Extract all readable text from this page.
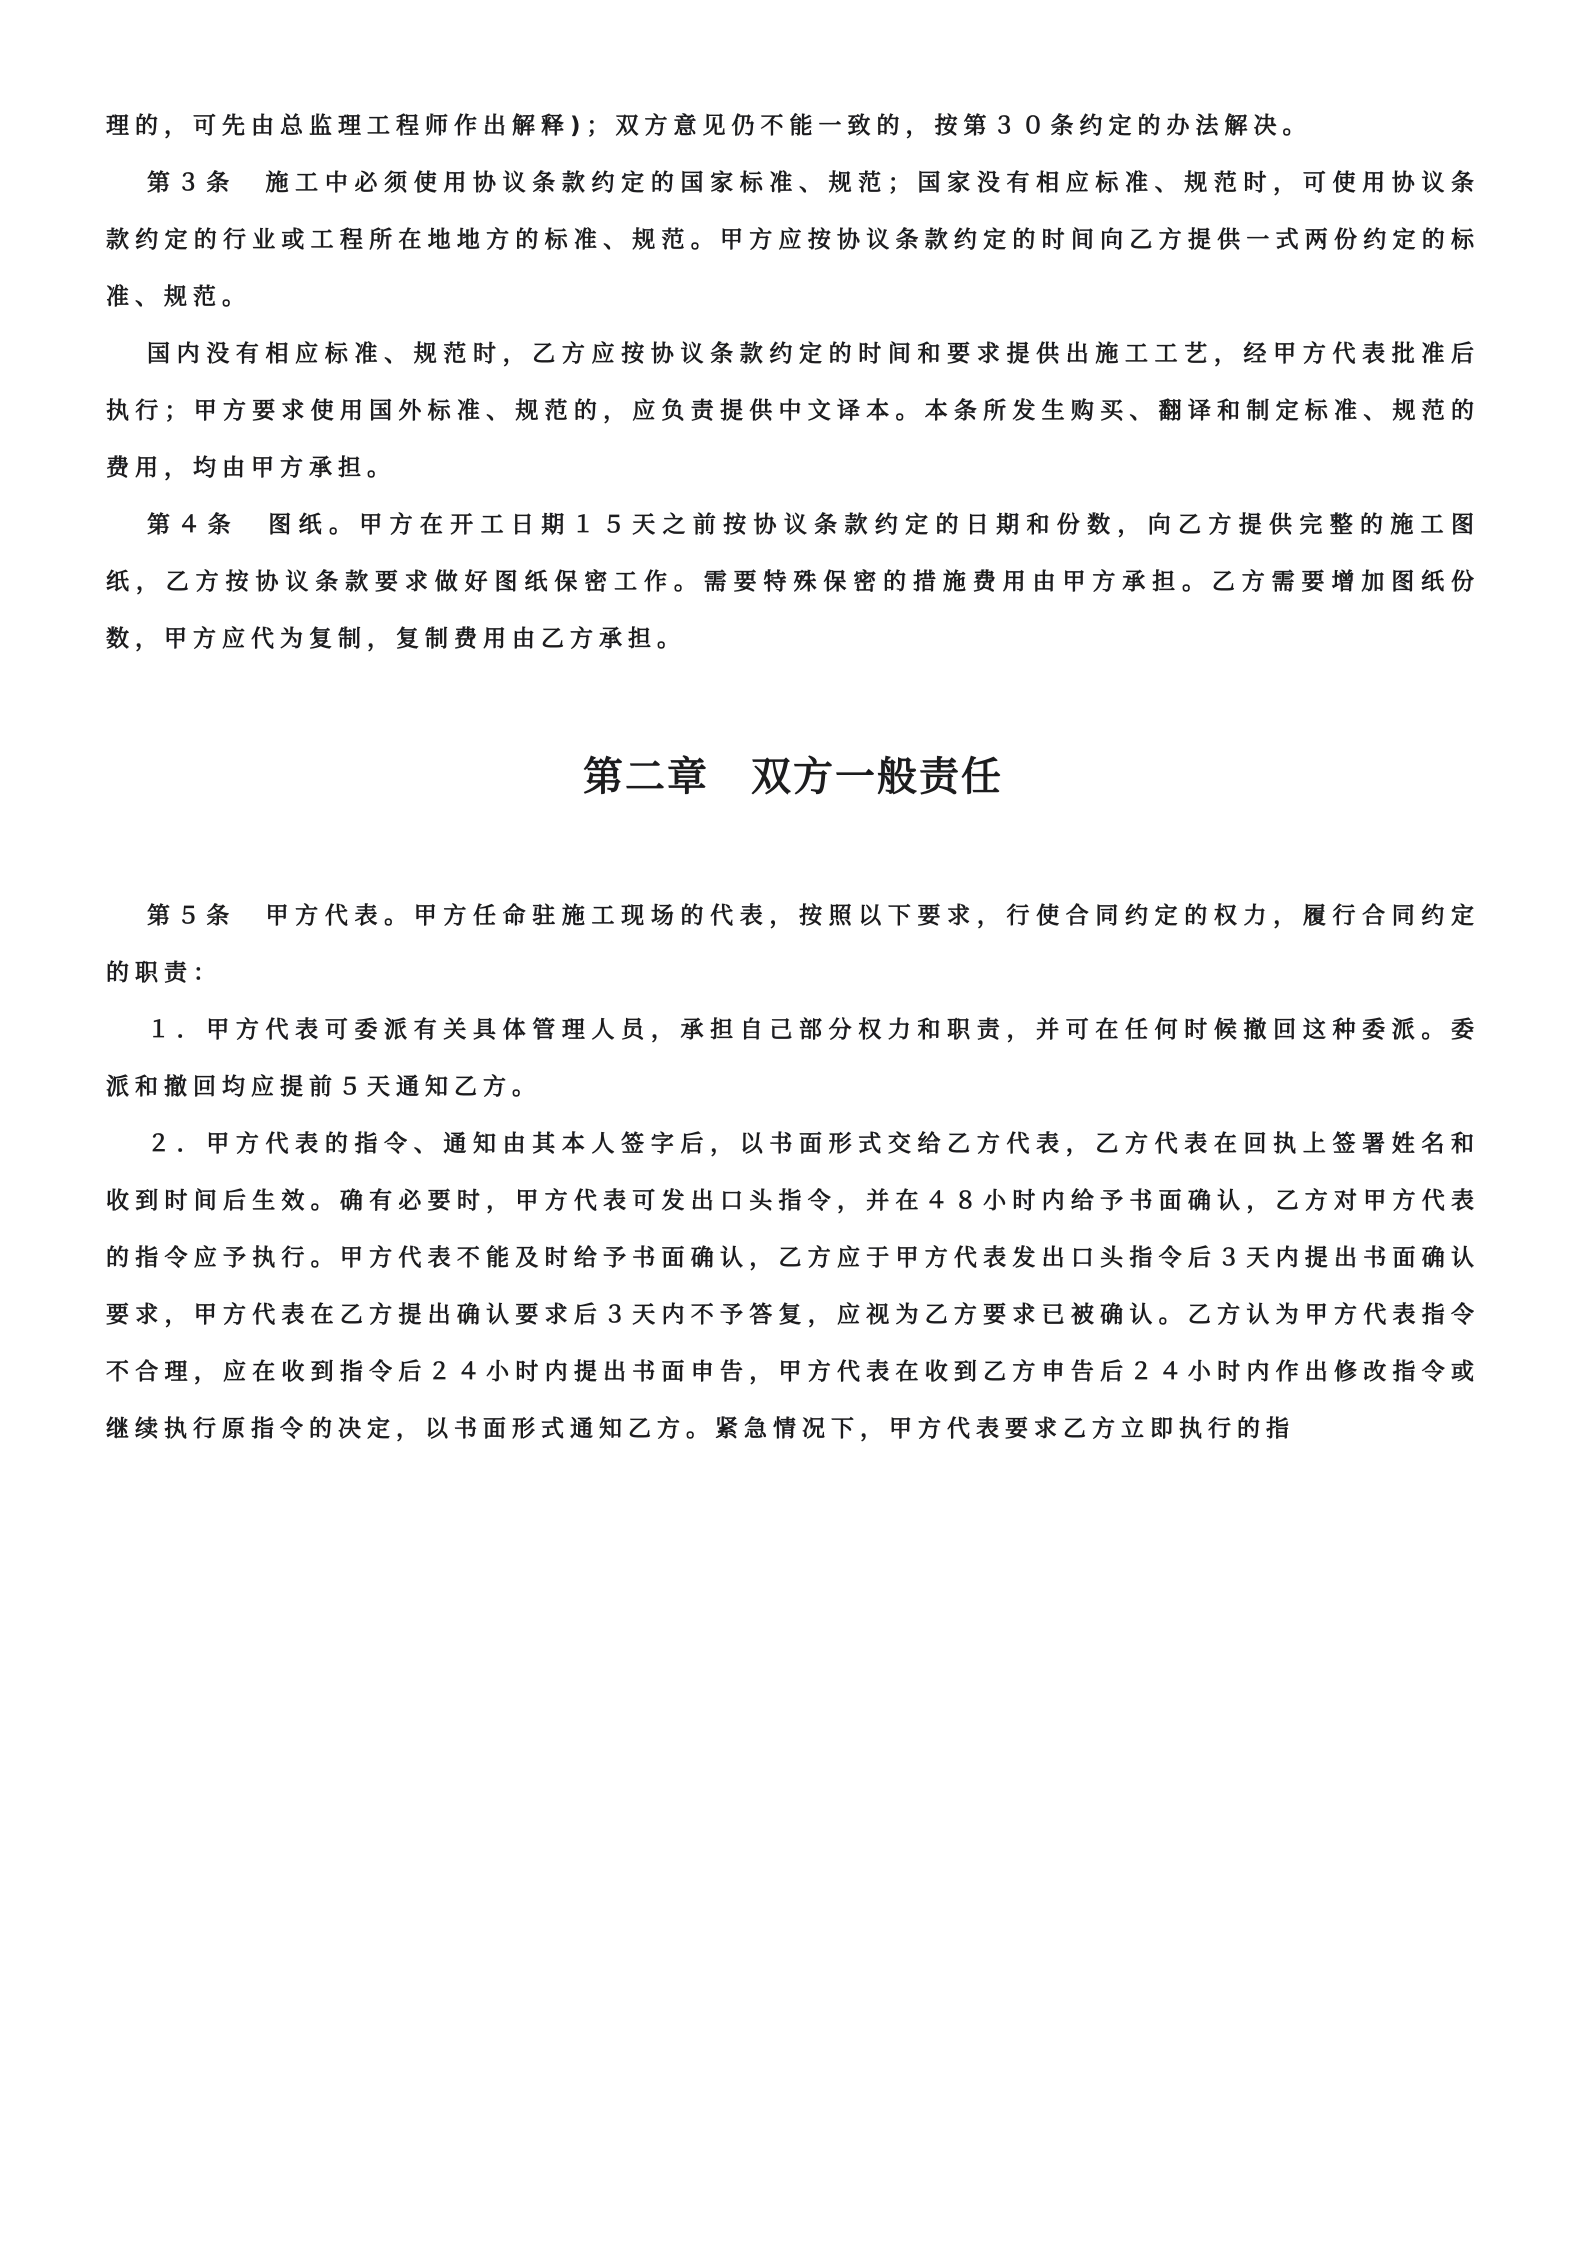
理的，可先由总监理工程师作出解释)；双方意见仍不能一致的，按第３０条约定的办法解决。

第３条　施工中必须使用协议条款约定的国家标准、规范；国家没有相应标准、规范时，可使用协议条款约定的行业或工程所在地地方的标准、规范。甲方应按协议条款约定的时间向乙方提供一式两份约定的标准、规范。

国内没有相应标准、规范时，乙方应按协议条款约定的时间和要求提供出施工工艺，经甲方代表批准后执行；甲方要求使用国外标准、规范的，应负责提供中文译本。本条所发生购买、翻译和制定标准、规范的费用，均由甲方承担。

第４条　图纸。甲方在开工日期１５天之前按协议条款约定的日期和份数，向乙方提供完整的施工图纸，乙方按协议条款要求做好图纸保密工作。需要特殊保密的措施费用由甲方承担。乙方需要增加图纸份数，甲方应代为复制，复制费用由乙方承担。

第二章　双方一般责任

第５条　甲方代表。甲方任命驻施工现场的代表，按照以下要求，行使合同约定的权力，履行合同约定的职责：

１．甲方代表可委派有关具体管理人员，承担自己部分权力和职责，并可在任何时候撤回这种委派。委派和撤回均应提前５天通知乙方。

２．甲方代表的指令、通知由其本人签字后，以书面形式交给乙方代表，乙方代表在回执上签署姓名和收到时间后生效。确有必要时，甲方代表可发出口头指令，并在４８小时内给予书面确认，乙方对甲方代表的指令应予执行。甲方代表不能及时给予书面确认，乙方应于甲方代表发出口头指令后３天内提出书面确认要求，甲方代表在乙方提出确认要求后３天内不予答复，应视为乙方要求已被确认。乙方认为甲方代表指令不合理，应在收到指令后２４小时内提出书面申告，甲方代表在收到乙方申告后２４小时内作出修改指令或继续执行原指令的决定，以书面形式通知乙方。紧急情况下，甲方代表要求乙方立即执行的指
